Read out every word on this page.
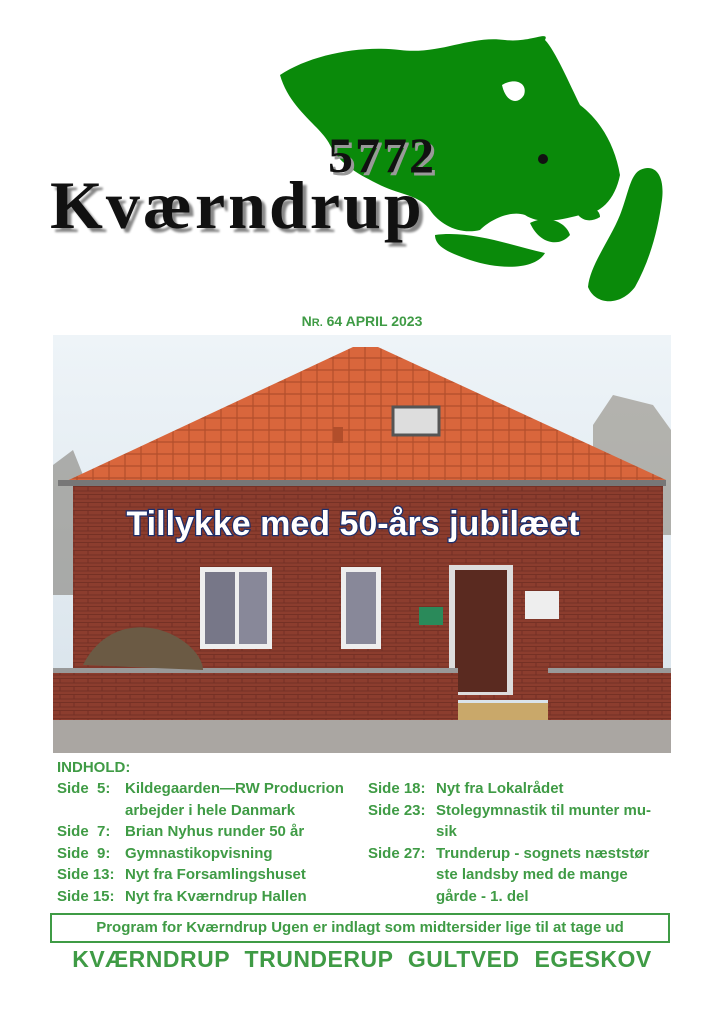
5772
Kværndrup
NR. 64 APRIL 2023
Tillykke med 50-års jubilæet
INDHOLD:
Side  5: Kildegaarden—RW Producrion
arbejder i hele Danmark
Side  7: Brian Nyhus runder 50 år
Side  9: Gymnastikopvisning
Side 13: Nyt fra Forsamlingshuset
Side 15: Nyt fra Kværndrup Hallen
Side 18: Nyt fra Lokalrådet
Side 23: Stolegymnastik til munter mu-
sik
Side 27: Trunderup - sognets næststør
ste landsby med de mange
gårde - 1. del
Program for Kværndrup Ugen er indlagt som midtersider lige til at tage ud
KVÆRNDRUP TRUNDERUP GULTVED EGESKOV
